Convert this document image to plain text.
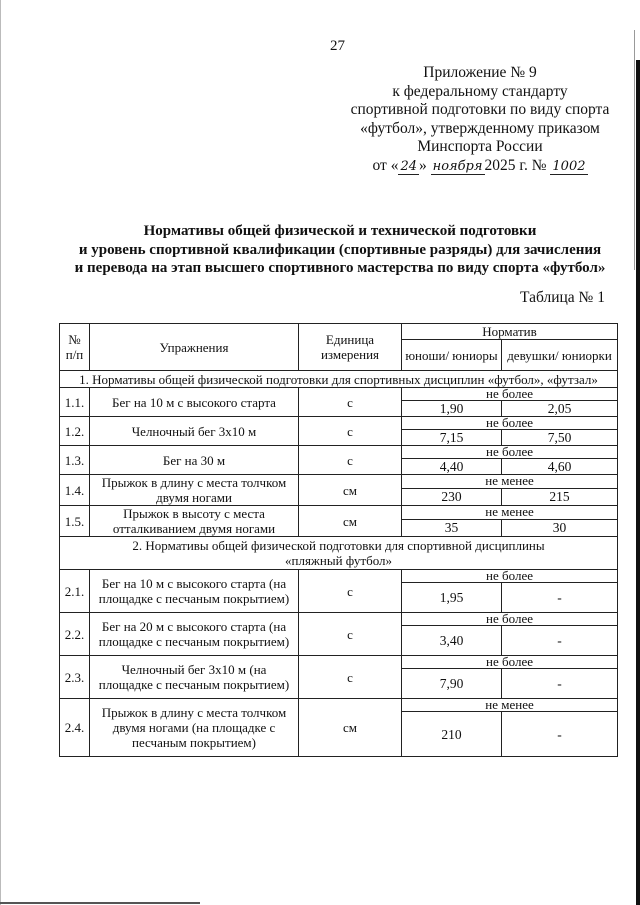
27
Приложение № 9
к федеральному стандарту
спортивной подготовки по виду спорта
«футбол», утвержденному приказом
Минспорта России
от « 24 » ноября 2025 г. № 1002
Нормативы общей физической и технической подготовки
и уровень спортивной квалификации (спортивные разряды) для зачисления
и перевода на этап высшего спортивного мастерства по виду спорта «футбол»
Таблица № 1
№ п/п	Упражнения	Единица измерения	Норматив	
			юноши/ юниоры	девушки/ юниорки
1. Нормативы общей физической подготовки для спортивных дисциплин «футбол», «футзал»				
1.1.	Бег на 10 м с высокого старта	с	не более	
			1,90	2,05
1.2.	Челночный бег 3х10 м	с	не более	
			7,15	7,50
1.3.	Бег на 30 м	с	не более	
			4,40	4,60
1.4.	Прыжок в длину с места толчком двумя ногами	см	не менее	
			230	215
1.5.	Прыжок в высоту с места отталкиванием двумя ногами	см	не менее	
			35	30
2. Нормативы общей физической подготовки для спортивной дисциплины
«пляжный футбол»				
2.1.	Бег на 10 м с высокого старта (на площадке с песчаным покрытием)	с	не более	
			1,95	-
2.2.	Бег на 20 м с высокого старта (на площадке с песчаным покрытием)	с	не более	
			3,40	-
2.3.	Челночный бег 3х10 м (на площадке с песчаным покрытием)	с	не более	
			7,90	-
2.4.	Прыжок в длину с места толчком двумя ногами (на площадке с песчаным покрытием)	см	не менее	
			210	-
